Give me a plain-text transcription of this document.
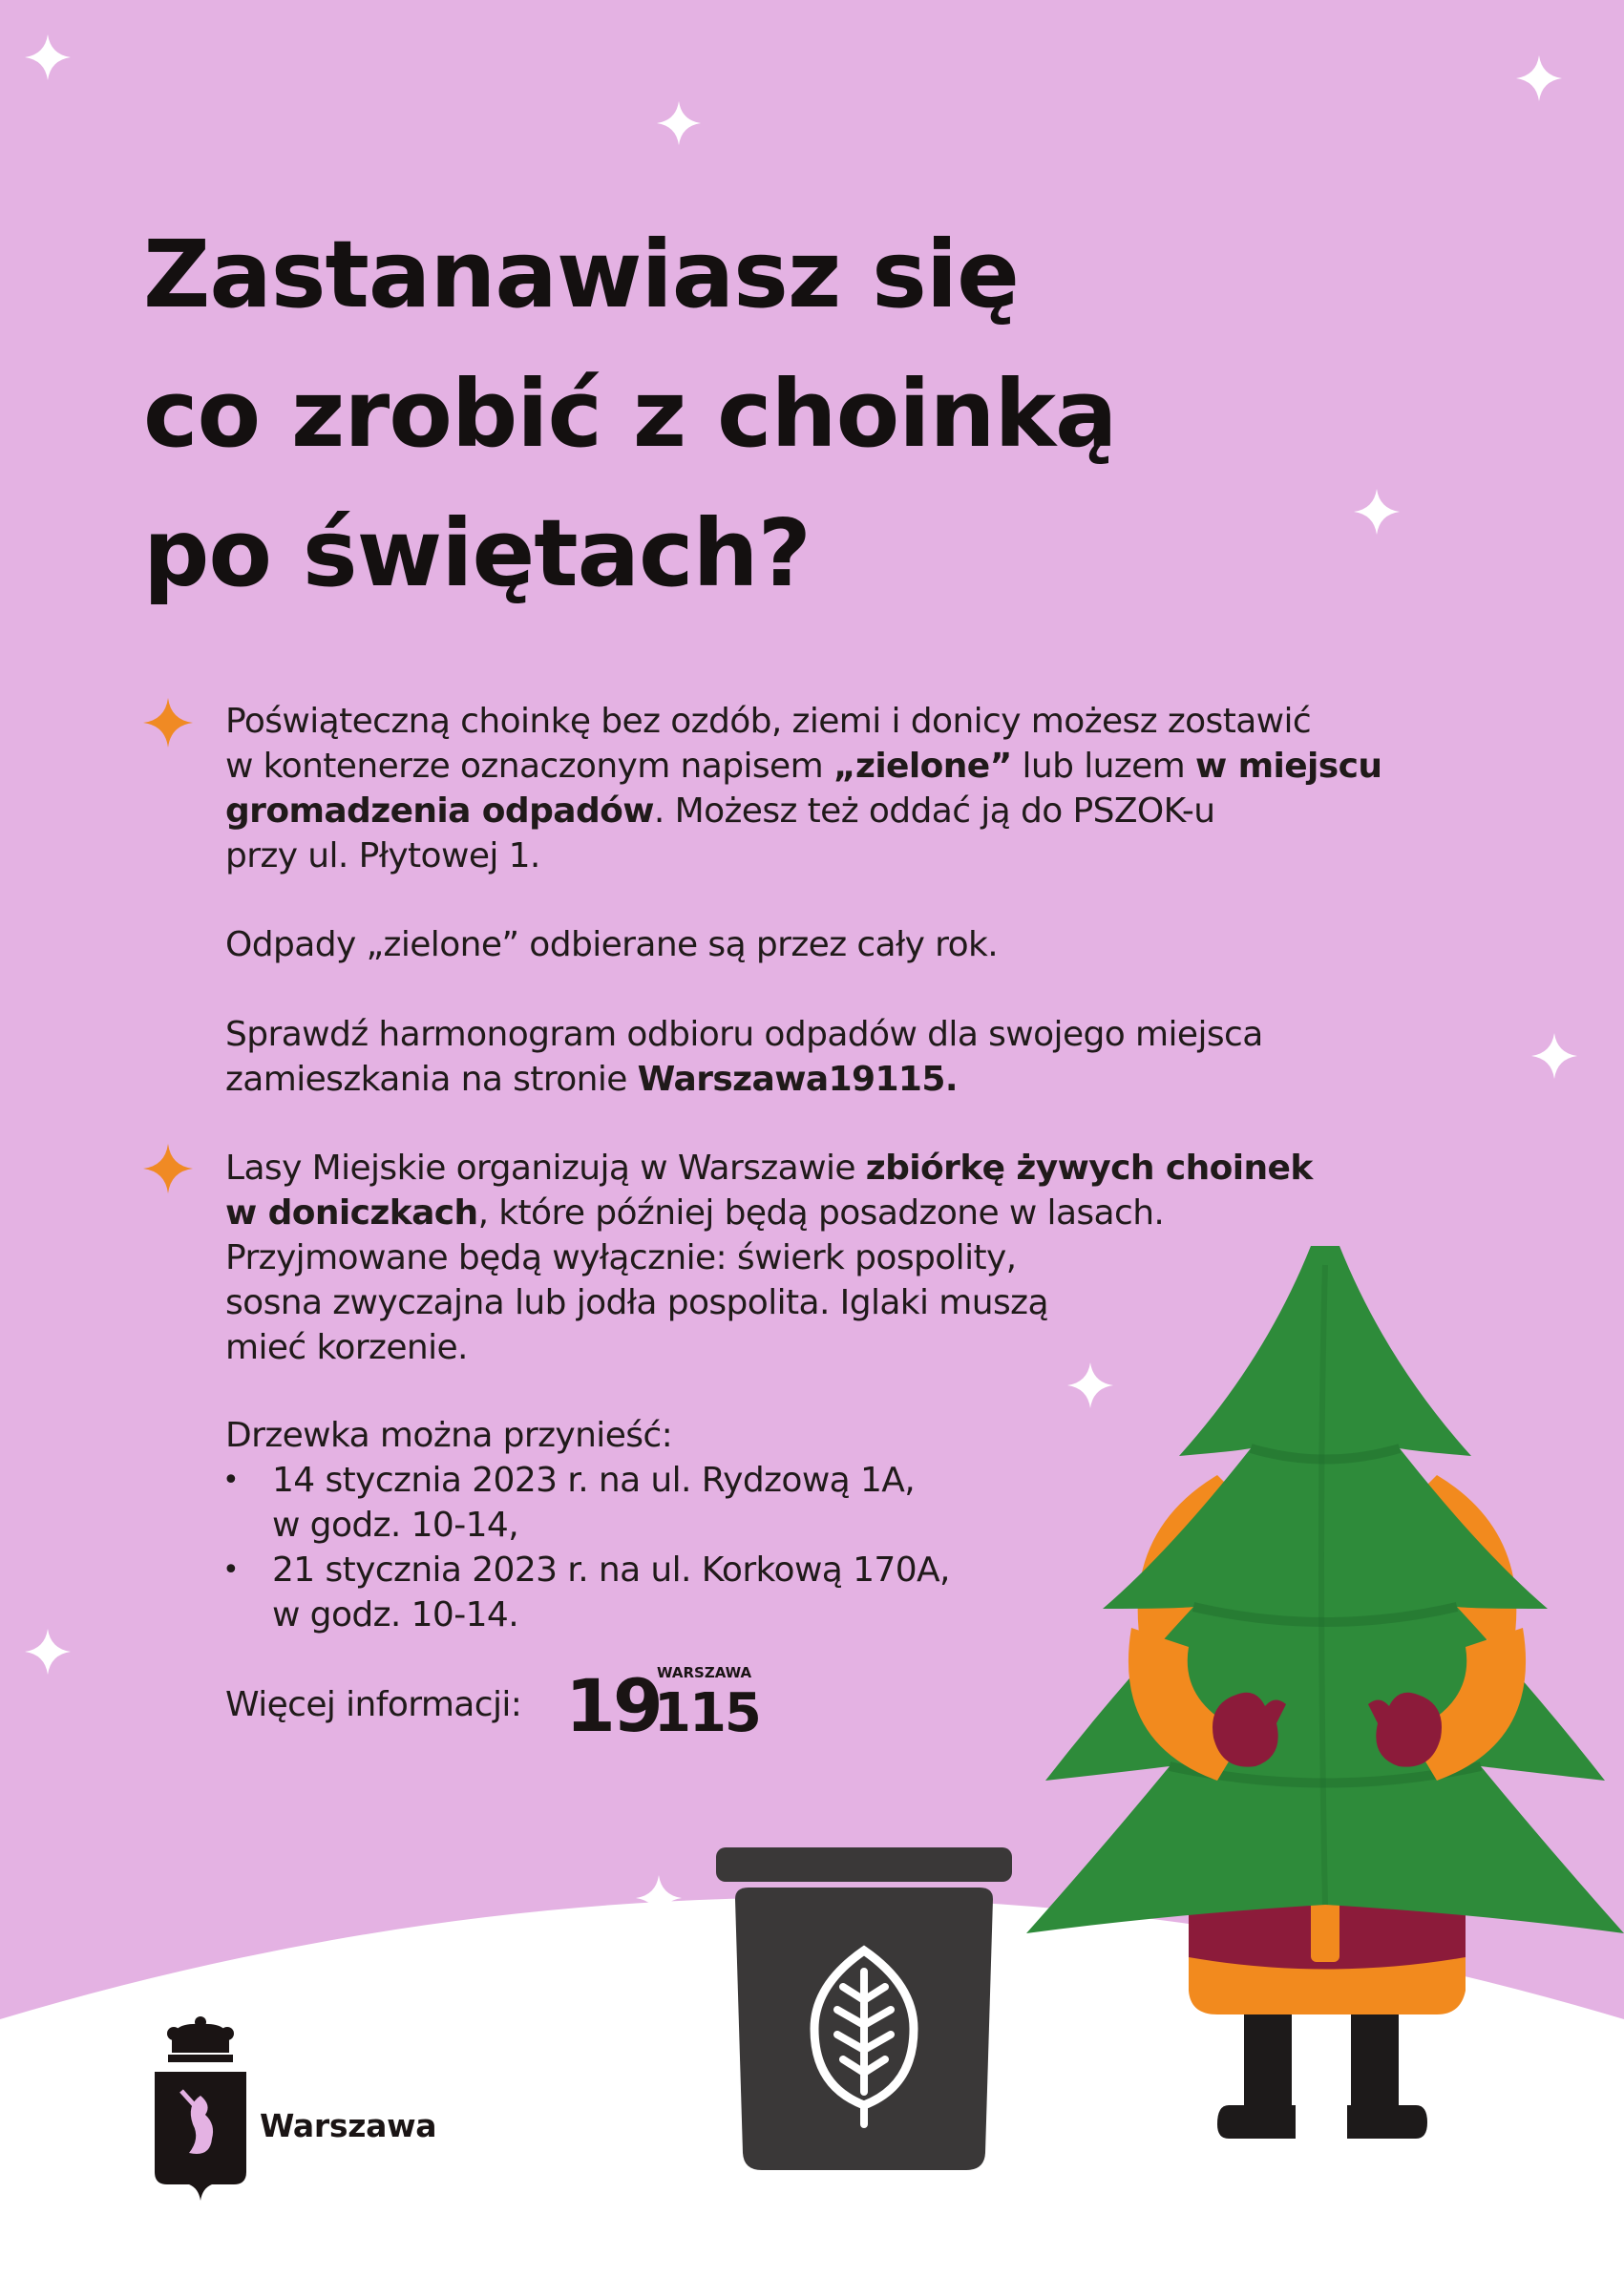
Zastanawiasz się
co zrobić z choinką
po świętach?
Poświąteczną choinkę bez ozdób, ziemi i donicy możesz zostawić
w kontenerze oznaczonym napisem „zielone” lub luzem w miejscu
gromadzenia odpadów. Możesz też oddać ją do PSZOK-u
przy ul. Płytowej 1.
Odpady „zielone” odbierane są przez cały rok.
Sprawdź harmonogram odbioru odpadów dla swojego miejsca
zamieszkania na stronie Warszawa19115.
Lasy Miejskie organizują w Warszawie zbiórkę żywych choinek
w doniczkach, które później będą posadzone w lasach.
Przyjmowane będą wyłącznie: świerk pospolity,
sosna zwyczajna lub jodła pospolita. Iglaki muszą
mieć korzenie.
Drzewka można przynieść:
• 14 stycznia 2023 r. na ul. Rydzową 1A,
w godz. 10-14,
• 21 stycznia 2023 r. na ul. Korkową 170A,
w godz. 10-14.
Więcej informacji: 19
WARSZAWA
115
Warszawa
